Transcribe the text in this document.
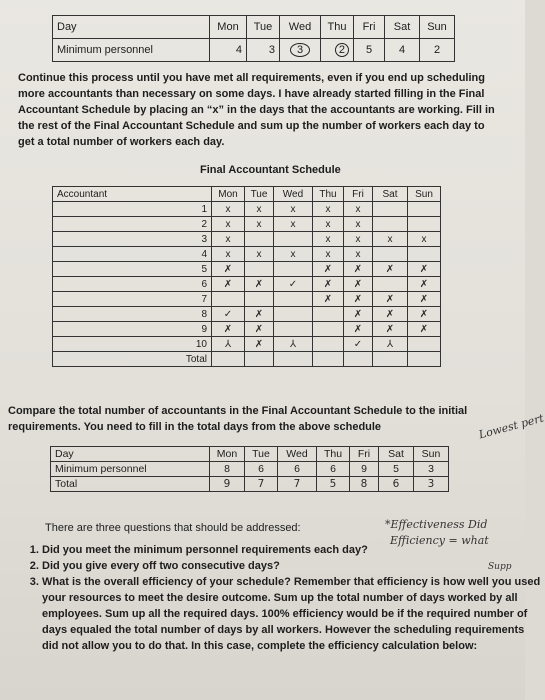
Day	Mon	Tue	Wed	Thu	Fri	Sat	Sun
Minimum personnel	4	3	3	2	5	4	2

Continue this process until you have met all requirements, even if you end up scheduling more accountants than necessary on some days. I have already started filling in the Final Accountant Schedule by placing an “x” in the days that the accountants are working. Fill in the rest of the Final Accountant Schedule and sum up the number of workers each day to get a total number of workers each day.

Final Accountant Schedule
Accountant	Mon	Tue	Wed	Thu	Fri	Sat	Sun
1	x	x	x	x	x		
2	x	x	x	x	x		
3	x			x	x	x	x
4	x	x	x	x	x		
5	✗			✗	✗	✗	✗
6	✗	✗	✓	✗	✗		✗
7				✗	✗	✗	✗
8	✓	✗			✗	✗	✗
9	✗	✗			✗	✗	✗
10	⅄	✗	⅄		✓	⅄	
Total							

Compare the total number of accountants in the Final Accountant Schedule to the initial requirements. You need to fill in the total days from the above schedule

Day	Mon	Tue	Wed	Thu	Fri	Sat	Sun
Minimum personnel	8	6	6	6	9	5	3
Total	9	7	7	5	8	6	3
There are three questions that should be addressed:
1. Did you meet the minimum personnel requirements each day?
2. Did you give every off two consecutive days?
3. What is the overall efficiency of your schedule? Remember that efficiency is how well you used your resources to meet the desire outcome. Sum up the total number of days worked by all employees. Sum up all the required days. 100% efficiency would be if the required number of days equaled the total number of days by all workers. However the scheduling requirements did not allow you to do that. In this case, complete the efficiency calculation below:
Lowest pert
*Effectiveness Did
Efficiency = what
Supp
